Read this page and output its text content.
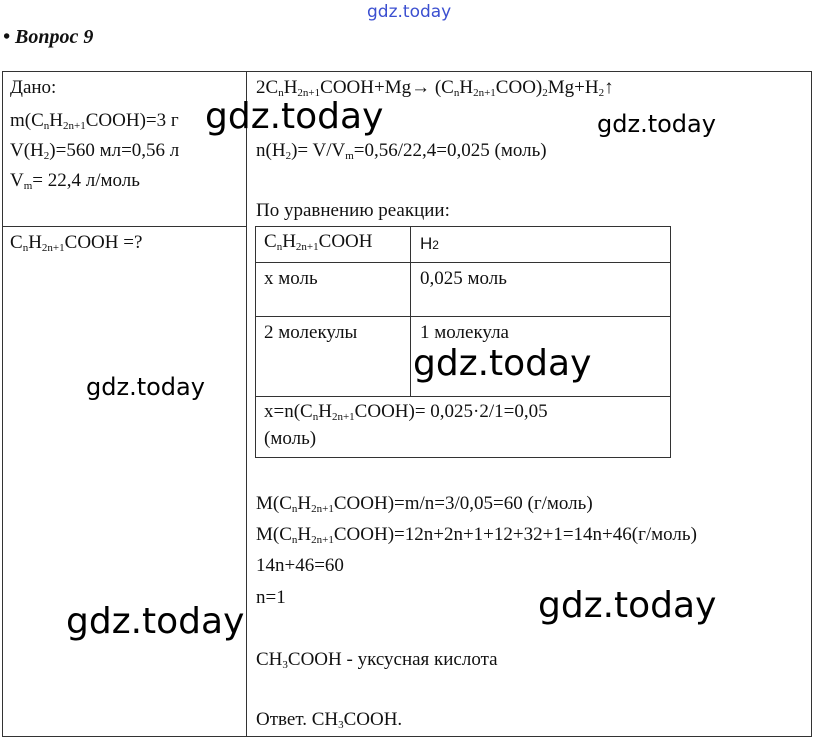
gdz.today
• Вопрос 9
Дано:
$m(C_nH_{2n+1}COOH)=3$ г
$V(H_2)=560$ мл=0,56 л
$V_m= 22,4$ л/моль
$C_nH_{2n+1}COOH$ =?
$2C_nH_{2n+1}COOH+Mg\to$ $(C_nH_{2n+1}COO)_2Mg+H_2↑$
$n(H_2)= V/V_m=0,56/22,4=0,025$ (моль)
По уравнению реакции:
$C_nH_{2n+1}COOH$	H2
x моль	0,025 моль
2 молекулы	1 молекула
$x=n(C_nH_{2n+1}COOH)= 0,025\cdot 2/1=0,05$
(моль)
$M(C_nH_{2n+1}COOH)=m/n=3/0,05=60$ (г/моль)
$M(C_nH_{2n+1}COOH)=12n+2n+1+12+32+1=14n+46(г/моль)$
14n+46=60
n=1
$CH_3COOH$ - уксусная кислота
Ответ. $CH_3COOH$.
gdz.today	gdz.today
gdz.today
gdz.today
gdz.today
gdz.today
